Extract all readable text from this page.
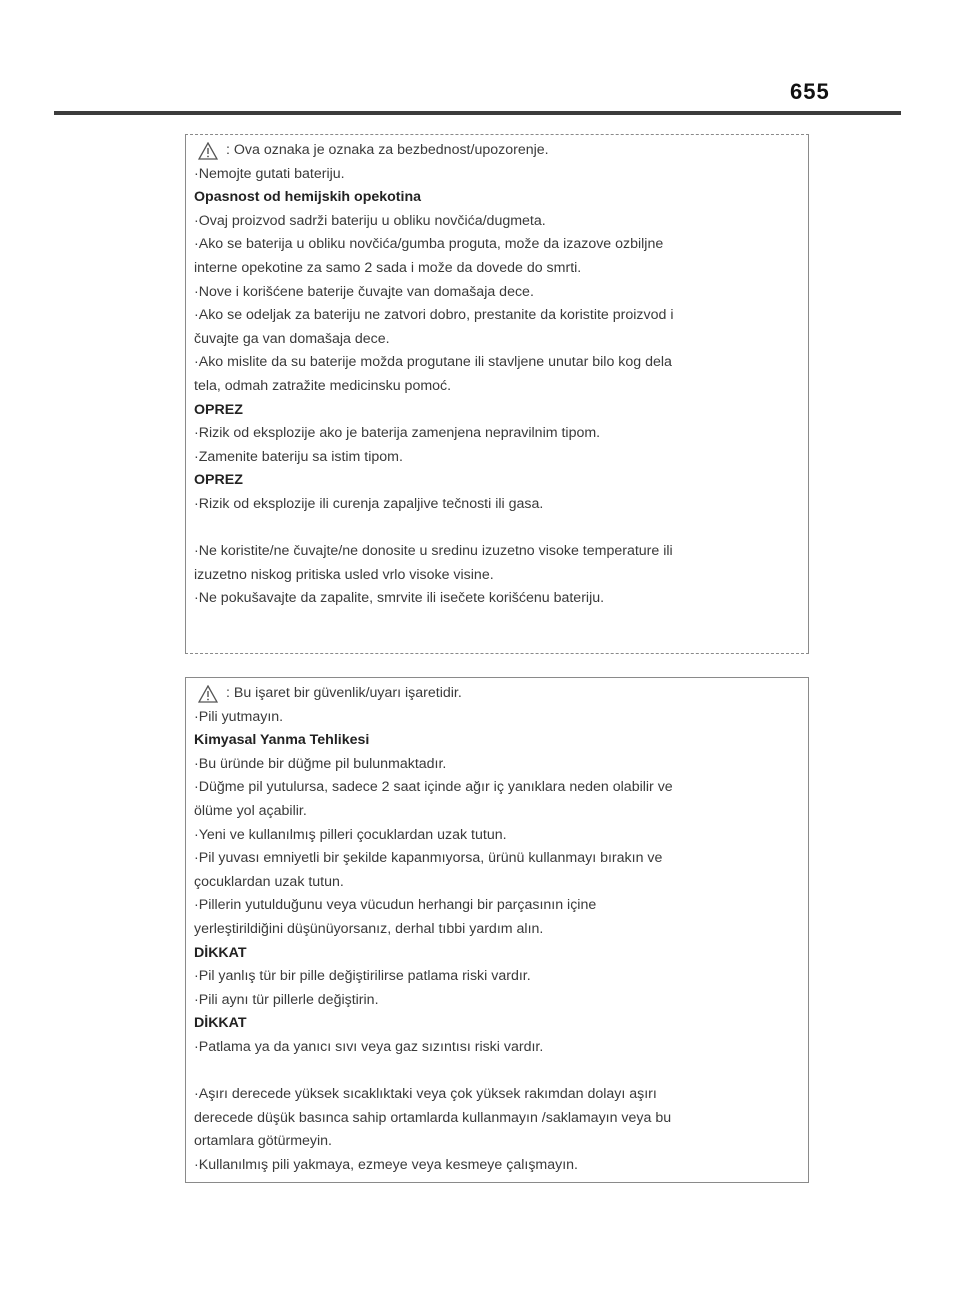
655
: Ova oznaka je oznaka za bezbednost/upozorenje.
·Nemojte gutati bateriju.
Opasnost od hemijskih opekotina
·Ovaj proizvod sadrži bateriju u obliku novčića/dugmeta.
·Ako se baterija u obliku novčića/gumba proguta, može da izazove ozbiljne
interne opekotine za samo 2 sada i može da dovede do smrti.
·Nove i korišćene baterije čuvajte van domašaja dece.
·Ako se odeljak za bateriju ne zatvori dobro, prestanite da koristite proizvod i
čuvajte ga van domašaja dece.
·Ako mislite da su baterije možda progutane ili stavljene unutar bilo kog dela
tela, odmah zatražite medicinsku pomoć.
OPREZ
·Rizik od eksplozije ako je baterija zamenjena nepravilnim tipom.
·Zamenite bateriju sa istim tipom.
OPREZ
·Rizik od eksplozije ili curenja zapaljive tečnosti ili gasa.
·Ne koristite/ne čuvajte/ne donosite u sredinu izuzetno visoke temperature ili
izuzetno niskog pritiska usled vrlo visoke visine.
·Ne pokušavajte da zapalite, smrvite ili isečete korišćenu bateriju.
: Bu işaret bir güvenlik/uyarı işaretidir.
·Pili yutmayın.
Kimyasal Yanma Tehlikesi
·Bu üründe bir düğme pil bulunmaktadır.
·Düğme pil yutulursa, sadece 2 saat içinde ağır iç yanıklara neden olabilir ve
ölüme yol açabilir.
·Yeni ve kullanılmış pilleri çocuklardan uzak tutun.
·Pil yuvası emniyetli bir şekilde kapanmıyorsa, ürünü kullanmayı bırakın ve
çocuklardan uzak tutun.
·Pillerin yutulduğunu veya vücudun herhangi bir parçasının içine
yerleştirildiğini düşünüyorsanız, derhal tıbbi yardım alın.
DİKKAT
·Pil yanlış tür bir pille değiştirilirse patlama riski vardır.
·Pili aynı tür pillerle değiştirin.
DİKKAT
·Patlama ya da yanıcı sıvı veya gaz sızıntısı riski vardır.
·Aşırı derecede yüksek sıcaklıktaki veya çok yüksek rakımdan dolayı aşırı
derecede düşük basınca sahip ortamlarda kullanmayın /saklamayın veya bu
ortamlara götürmeyin.
·Kullanılmış pili yakmaya, ezmeye veya kesmeye çalışmayın.
